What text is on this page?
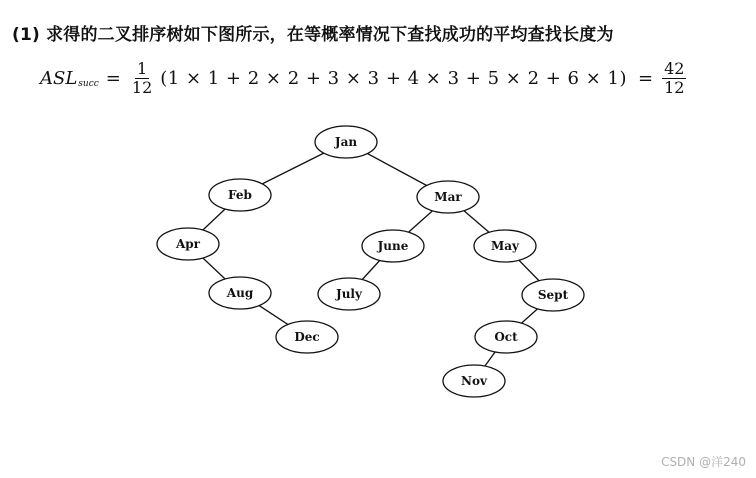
(1) 求得的二叉排序树如下图所示，在等概率情况下查找成功的平均查找长度为
ASL succ = $\frac{1}{12} (1 \times 1 + 2 \times 2 + 3 \times 3 + 4 \times 3 + 5 \times 2 + 6 \times 1) = \frac{42}{12}$
Jan
Feb	Mar
Apr	June	May
Aug	July	Sept
Dec	Oct
Nov
CSDN @洋240
